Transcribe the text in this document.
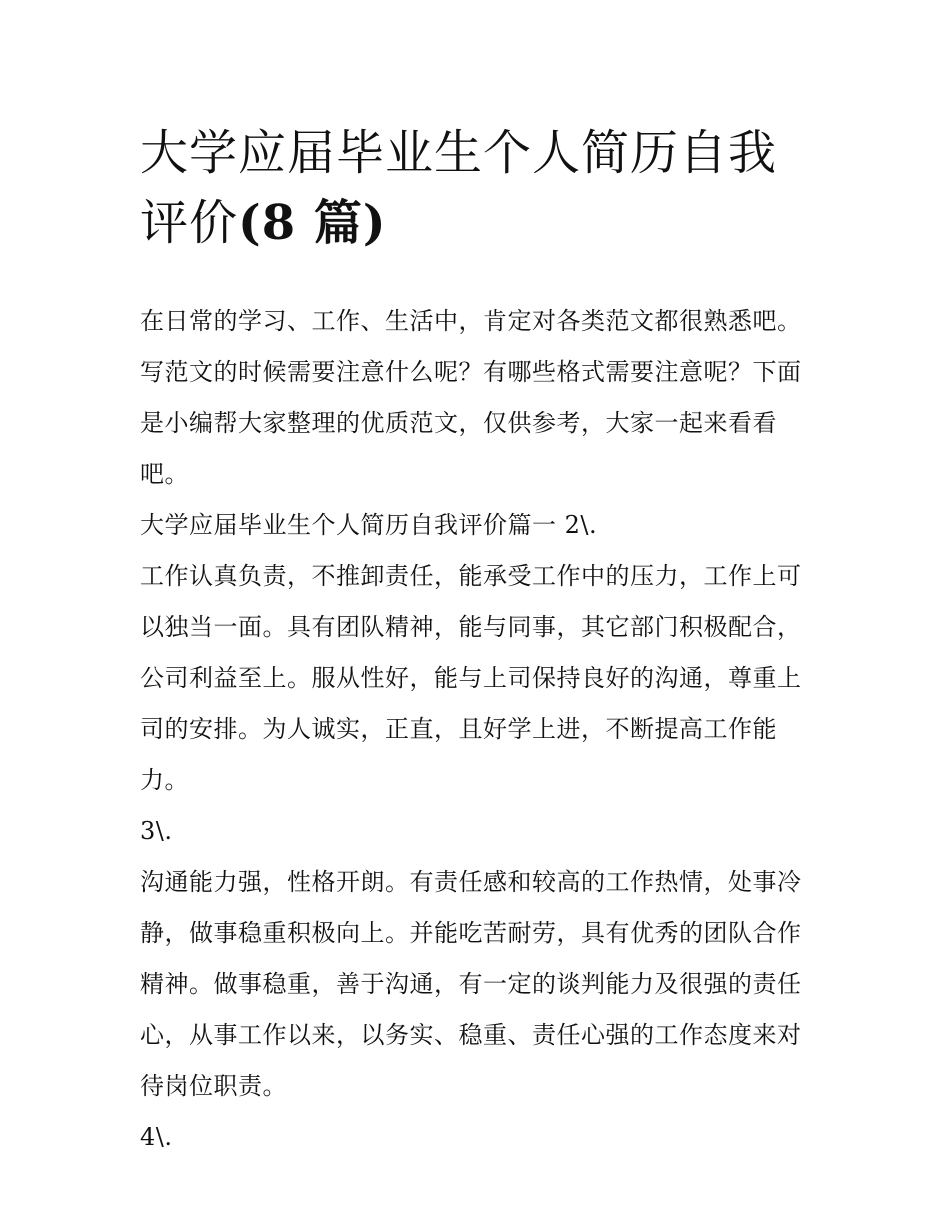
大学应届毕业生个人简历自我评价(8 篇)

在日常的学习、工作、生活中，肯定对各类范文都很熟悉吧。写范文的时候需要注意什么呢？有哪些格式需要注意呢？下面是小编帮大家整理的优质范文，仅供参考，大家一起来看看吧。

大学应届毕业生个人简历自我评价篇一 2\.

工作认真负责，不推卸责任，能承受工作中的压力，工作上可以独当一面。具有团队精神，能与同事，其它部门积极配合，公司利益至上。服从性好，能与上司保持良好的沟通，尊重上司的安排。为人诚实，正直，且好学上进，不断提高工作能力。

3\.

沟通能力强，性格开朗。有责任感和较高的工作热情，处事冷静，做事稳重积极向上。并能吃苦耐劳，具有优秀的团队合作精神。做事稳重，善于沟通，有一定的谈判能力及很强的责任心，从事工作以来，以务实、稳重、责任心强的工作态度来对待岗位职责。

4\.
